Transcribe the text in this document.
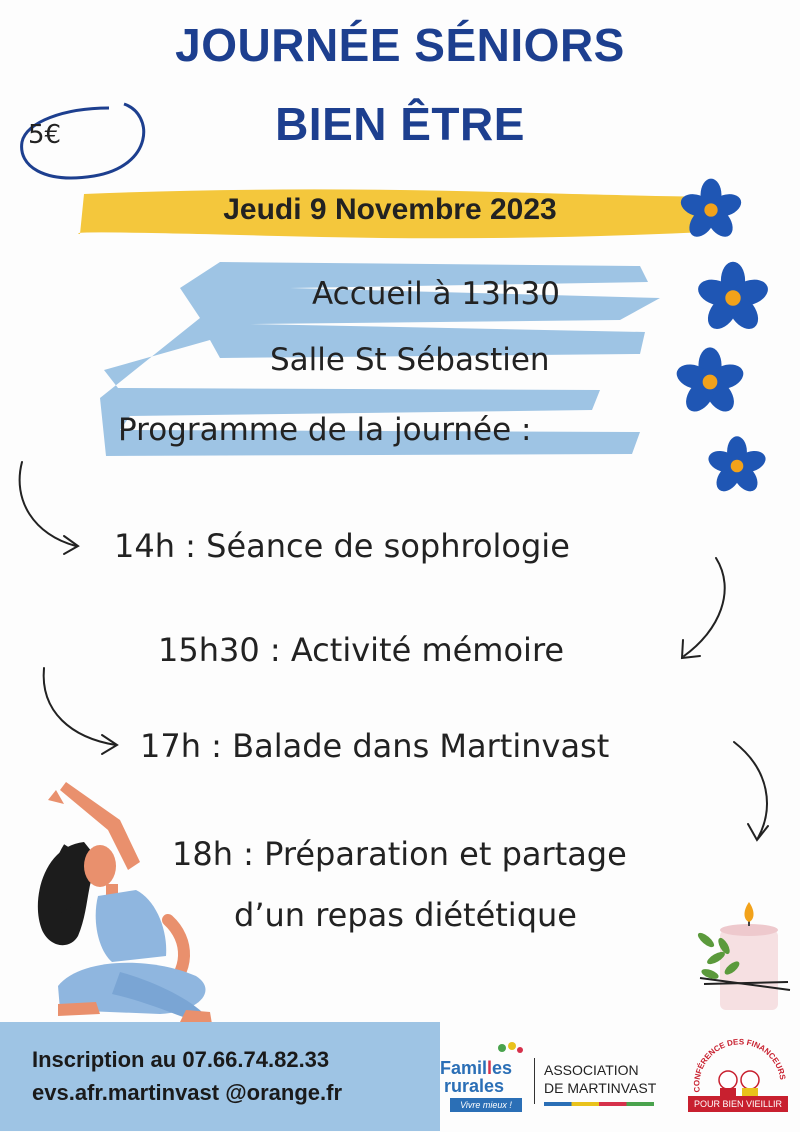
JOURNÉE SÉNIORS
BIEN ÊTRE
5€
Jeudi 9 Novembre 2023
Accueil à 13h30
Salle St Sébastien
Programme de la journée :
14h : Séance de sophrologie
15h30 : Activité mémoire
17h : Balade dans Martinvast
18h : Préparation et partage
d’un repas diététique
Inscription au 07.66.74.82.33
evs.afr.martinvast @orange.fr
Familles
rurales
Vivre mieux !
ASSOCIATION
DE MARTINVAST	CONFÉRENCE DES FINANCEURS
POUR BIEN VIEILLIR
